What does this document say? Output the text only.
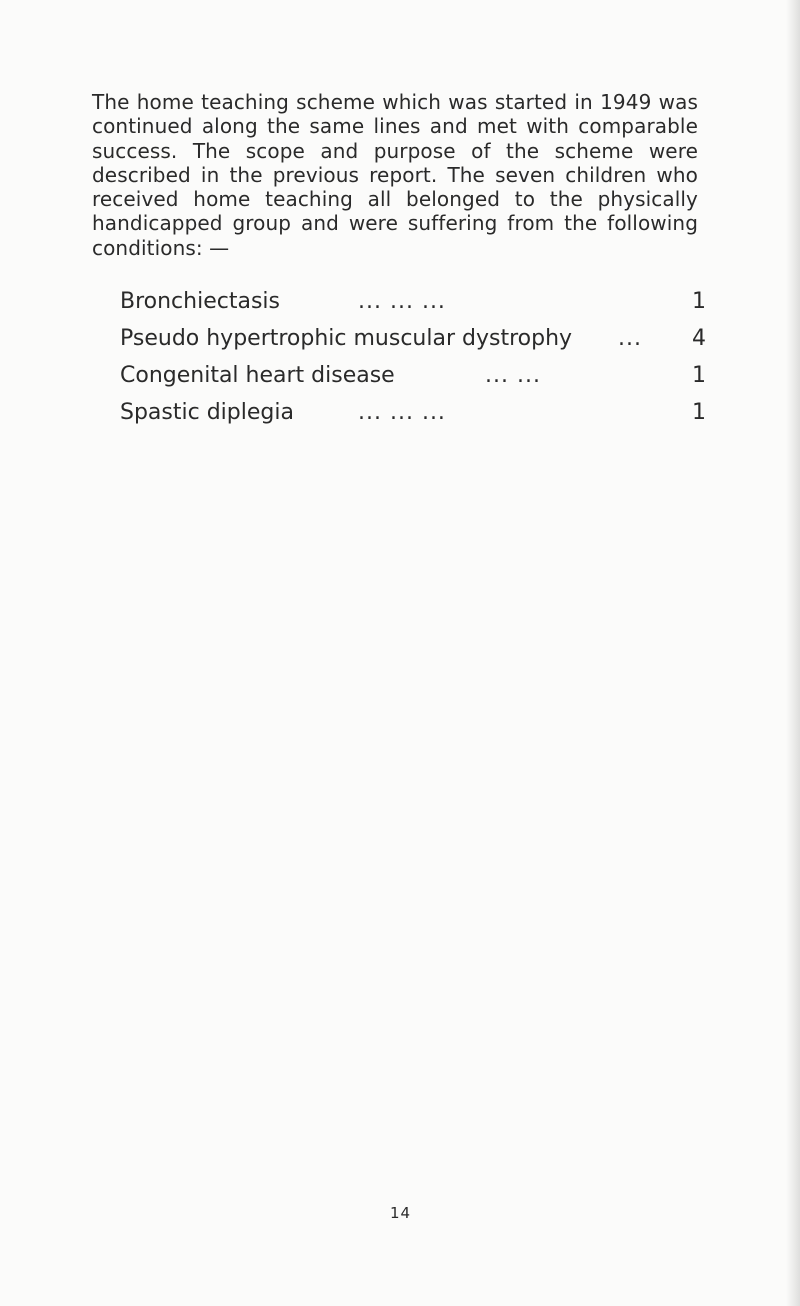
The home teaching scheme which was started in 1949 was continued along the same lines and met with comparable success. The scope and purpose of the scheme were described in the previous report. The seven children who received home teaching all belonged to the physically handicapped group and were suffering from the following conditions: —

Bronchiectasis	... ... ...	1
Pseudo hypertrophic muscular dystrophy ... 4
Congenital heart disease	... ...	1
Spastic diplegia	... ... ...	1
14
